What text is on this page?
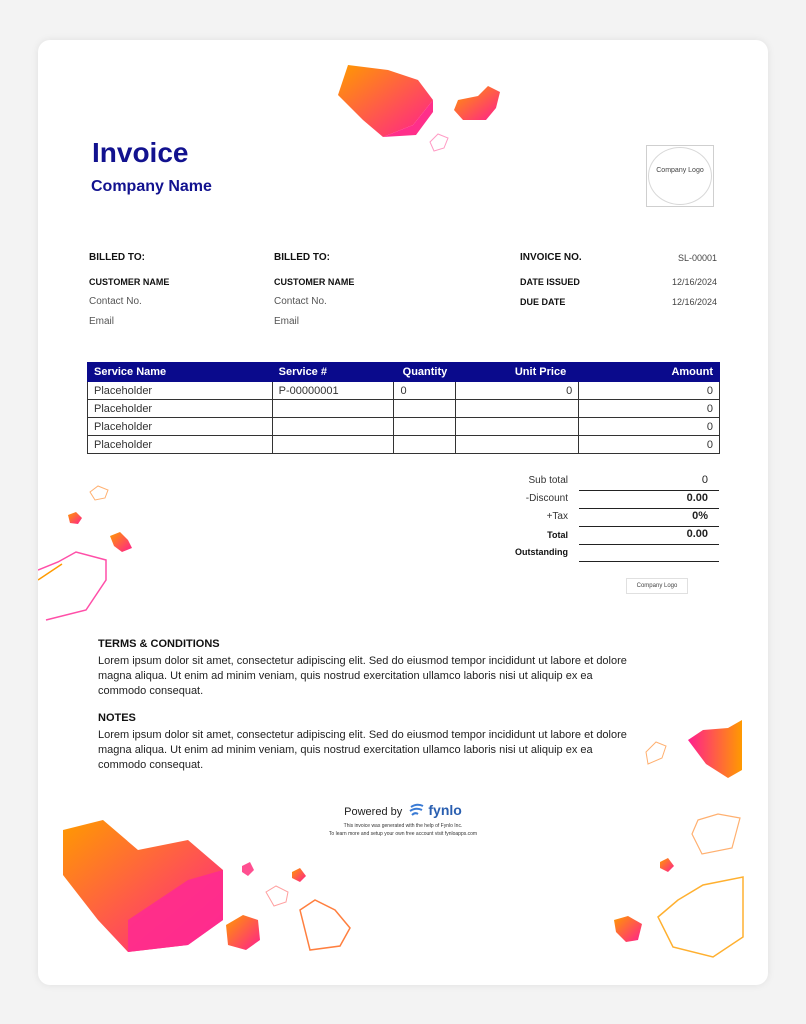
Invoice
Company Name
Company Logo
BILLED TO:
CUSTOMER NAME
Contact No.
Email
BILLED TO:
CUSTOMER NAME
Contact No.
Email
INVOICE NO.	SL-00001
DATE ISSUED	12/16/2024
DUE DATE	12/16/2024
Service Name	Service #	Quantity	Unit Price	Amount
Placeholder	P-00000001	0	0	0
Placeholder				0
Placeholder				0
Placeholder				0
Sub total	0
-Discount	0.00
+Tax	0%
Total	0.00
Outstanding
Company Logo
TERMS & CONDITIONS
Lorem ipsum dolor sit amet, consectetur adipiscing elit. Sed do eiusmod tempor incididunt ut labore et dolore magna aliqua. Ut enim ad minim veniam, quis nostrud exercitation ullamco laboris nisi ut aliquip ex ea commodo consequat.
NOTES
Lorem ipsum dolor sit amet, consectetur adipiscing elit. Sed do eiusmod tempor incididunt ut labore et dolore magna aliqua. Ut enim ad minim veniam, quis nostrud exercitation ullamco laboris nisi ut aliquip ex ea commodo consequat.
Powered by fynlo
This invoice was generated with the help of Fynlo Inc.
To learn more and setup your own free account visit fynloapps.com
